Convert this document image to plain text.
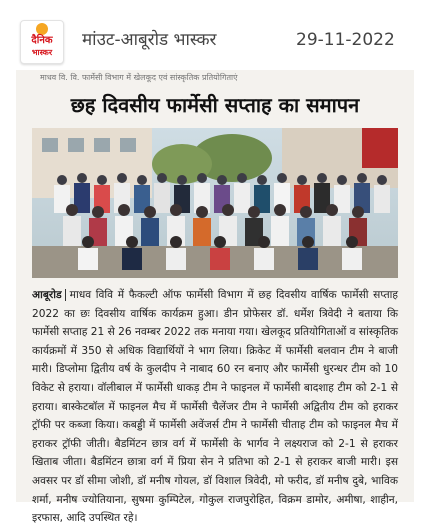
दैनिक
भास्कर
मांउट-आबूरोड भास्कर	29-11-2022
माधव वि. वि. फार्मेसी विभाग में खेलकूद एवं सांस्कृतिक प्रतियोगिताएं
छह दिवसीय फार्मेसी सप्ताह का समापन
आबूरोड माधव विवि में फैकल्टी ऑफ फार्मेसी विभाग में छह दिवसीय वार्षिक फार्मेसी सप्ताह 2022 का छः दिवसीय वार्षिक कार्यक्रम हुआ। डीन प्रोफेसर डॉ. धर्मेश त्रिवेदी ने बताया कि फार्मेसी सप्ताह 21 से 26 नवम्बर 2022 तक मनाया गया। खेलकूद प्रतियोगिताओं व सांस्कृतिक कार्यक्रमों में 350 से अधिक विद्यार्थियों ने भाग लिया। क्रिकेट में फार्मेसी बलवान टीम ने बाजी मारी। डिप्लोमा द्वितीय वर्ष के कुलदीप ने नाबाद 60 रन बनाए और फार्मेसी धुरन्धर टीम को 10 विकेट से हराया। वॉलीबाल में फार्मेसी धाकड़ टीम ने फाइनल में फार्मेसी बादशाह टीम को 2-1 से हराया। बास्केटबॉल में फाइनल मैच में फार्मेसी चैलेंजर टीम ने फार्मेसी अद्वितीय टीम को हराकर ट्रॉफी पर कब्जा किया। कबड्डी में फार्मेसी अवेंजर्स टीम ने फार्मेसी चीताह टीम को फाइनल मैच में हराकर ट्रॉफी जीती। बैडमिंटन छात्र वर्ग में फार्मेसी के भार्गव ने लक्ष्यराज को 2-1 से हराकर खिताब जीता। बैडमिंटन छात्रा वर्ग में प्रिया सेन ने प्रतिभा को 2-1 से हराकर बाजी मारी। इस अवसर पर डॉ सीमा जोशी, डॉ मनीष गोयल, डॉ विशाल त्रिवेदी, मो फरीद, डॉ मनीष दुबे, भाविक शर्मा, मनीष ज्योतियाना, सुषमा कुम्पिटेल, गोकुल राजपुरोहित, विक्रम डामोर, अमीषा, शाहीन, इरफास, आदि उपस्थित रहे।
